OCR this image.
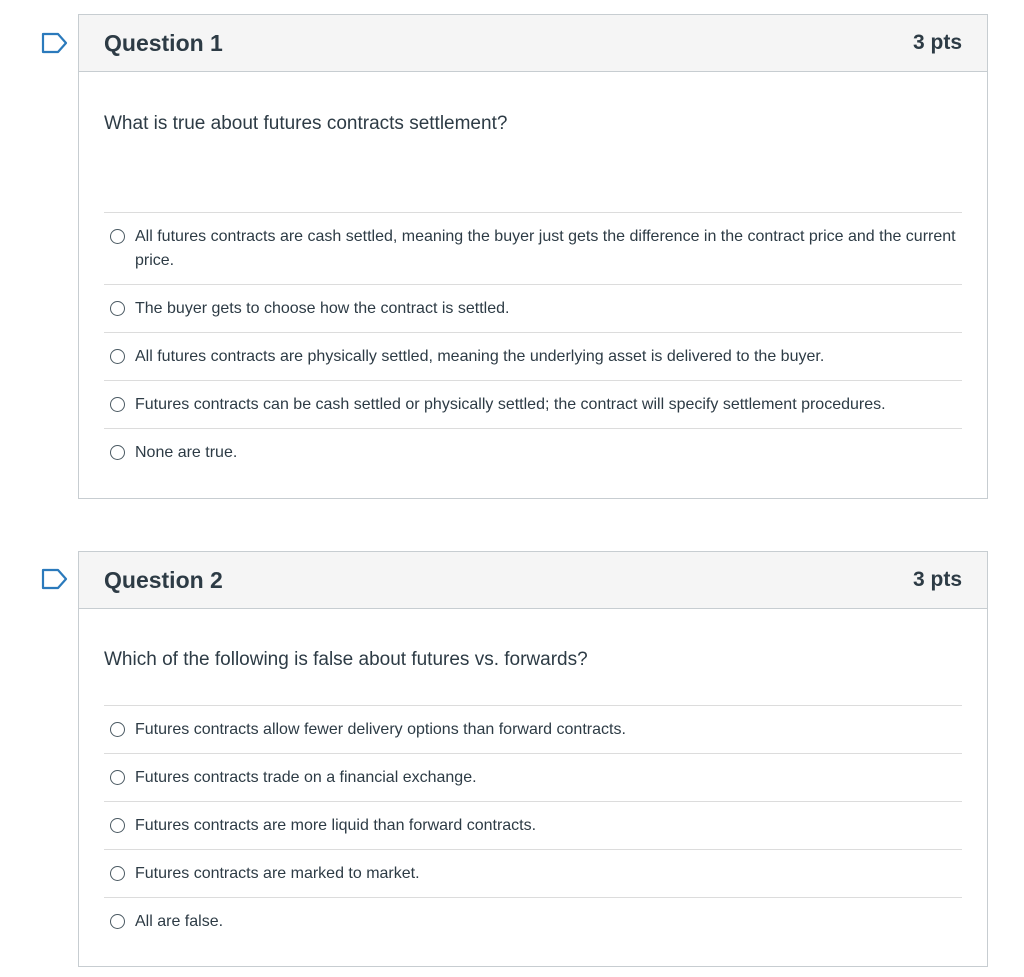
Question 1	3 pts

What is true about futures contracts settlement?

All futures contracts are cash settled, meaning the buyer just gets the difference in the contract price and the current price.
The buyer gets to choose how the contract is settled.
All futures contracts are physically settled, meaning the underlying asset is delivered to the buyer.
Futures contracts can be cash settled or physically settled; the contract will specify settlement procedures.
None are true.
Question 2	3 pts

Which of the following is false about futures vs. forwards?

Futures contracts allow fewer delivery options than forward contracts.
Futures contracts trade on a financial exchange.
Futures contracts are more liquid than forward contracts.
Futures contracts are marked to market.
All are false.
